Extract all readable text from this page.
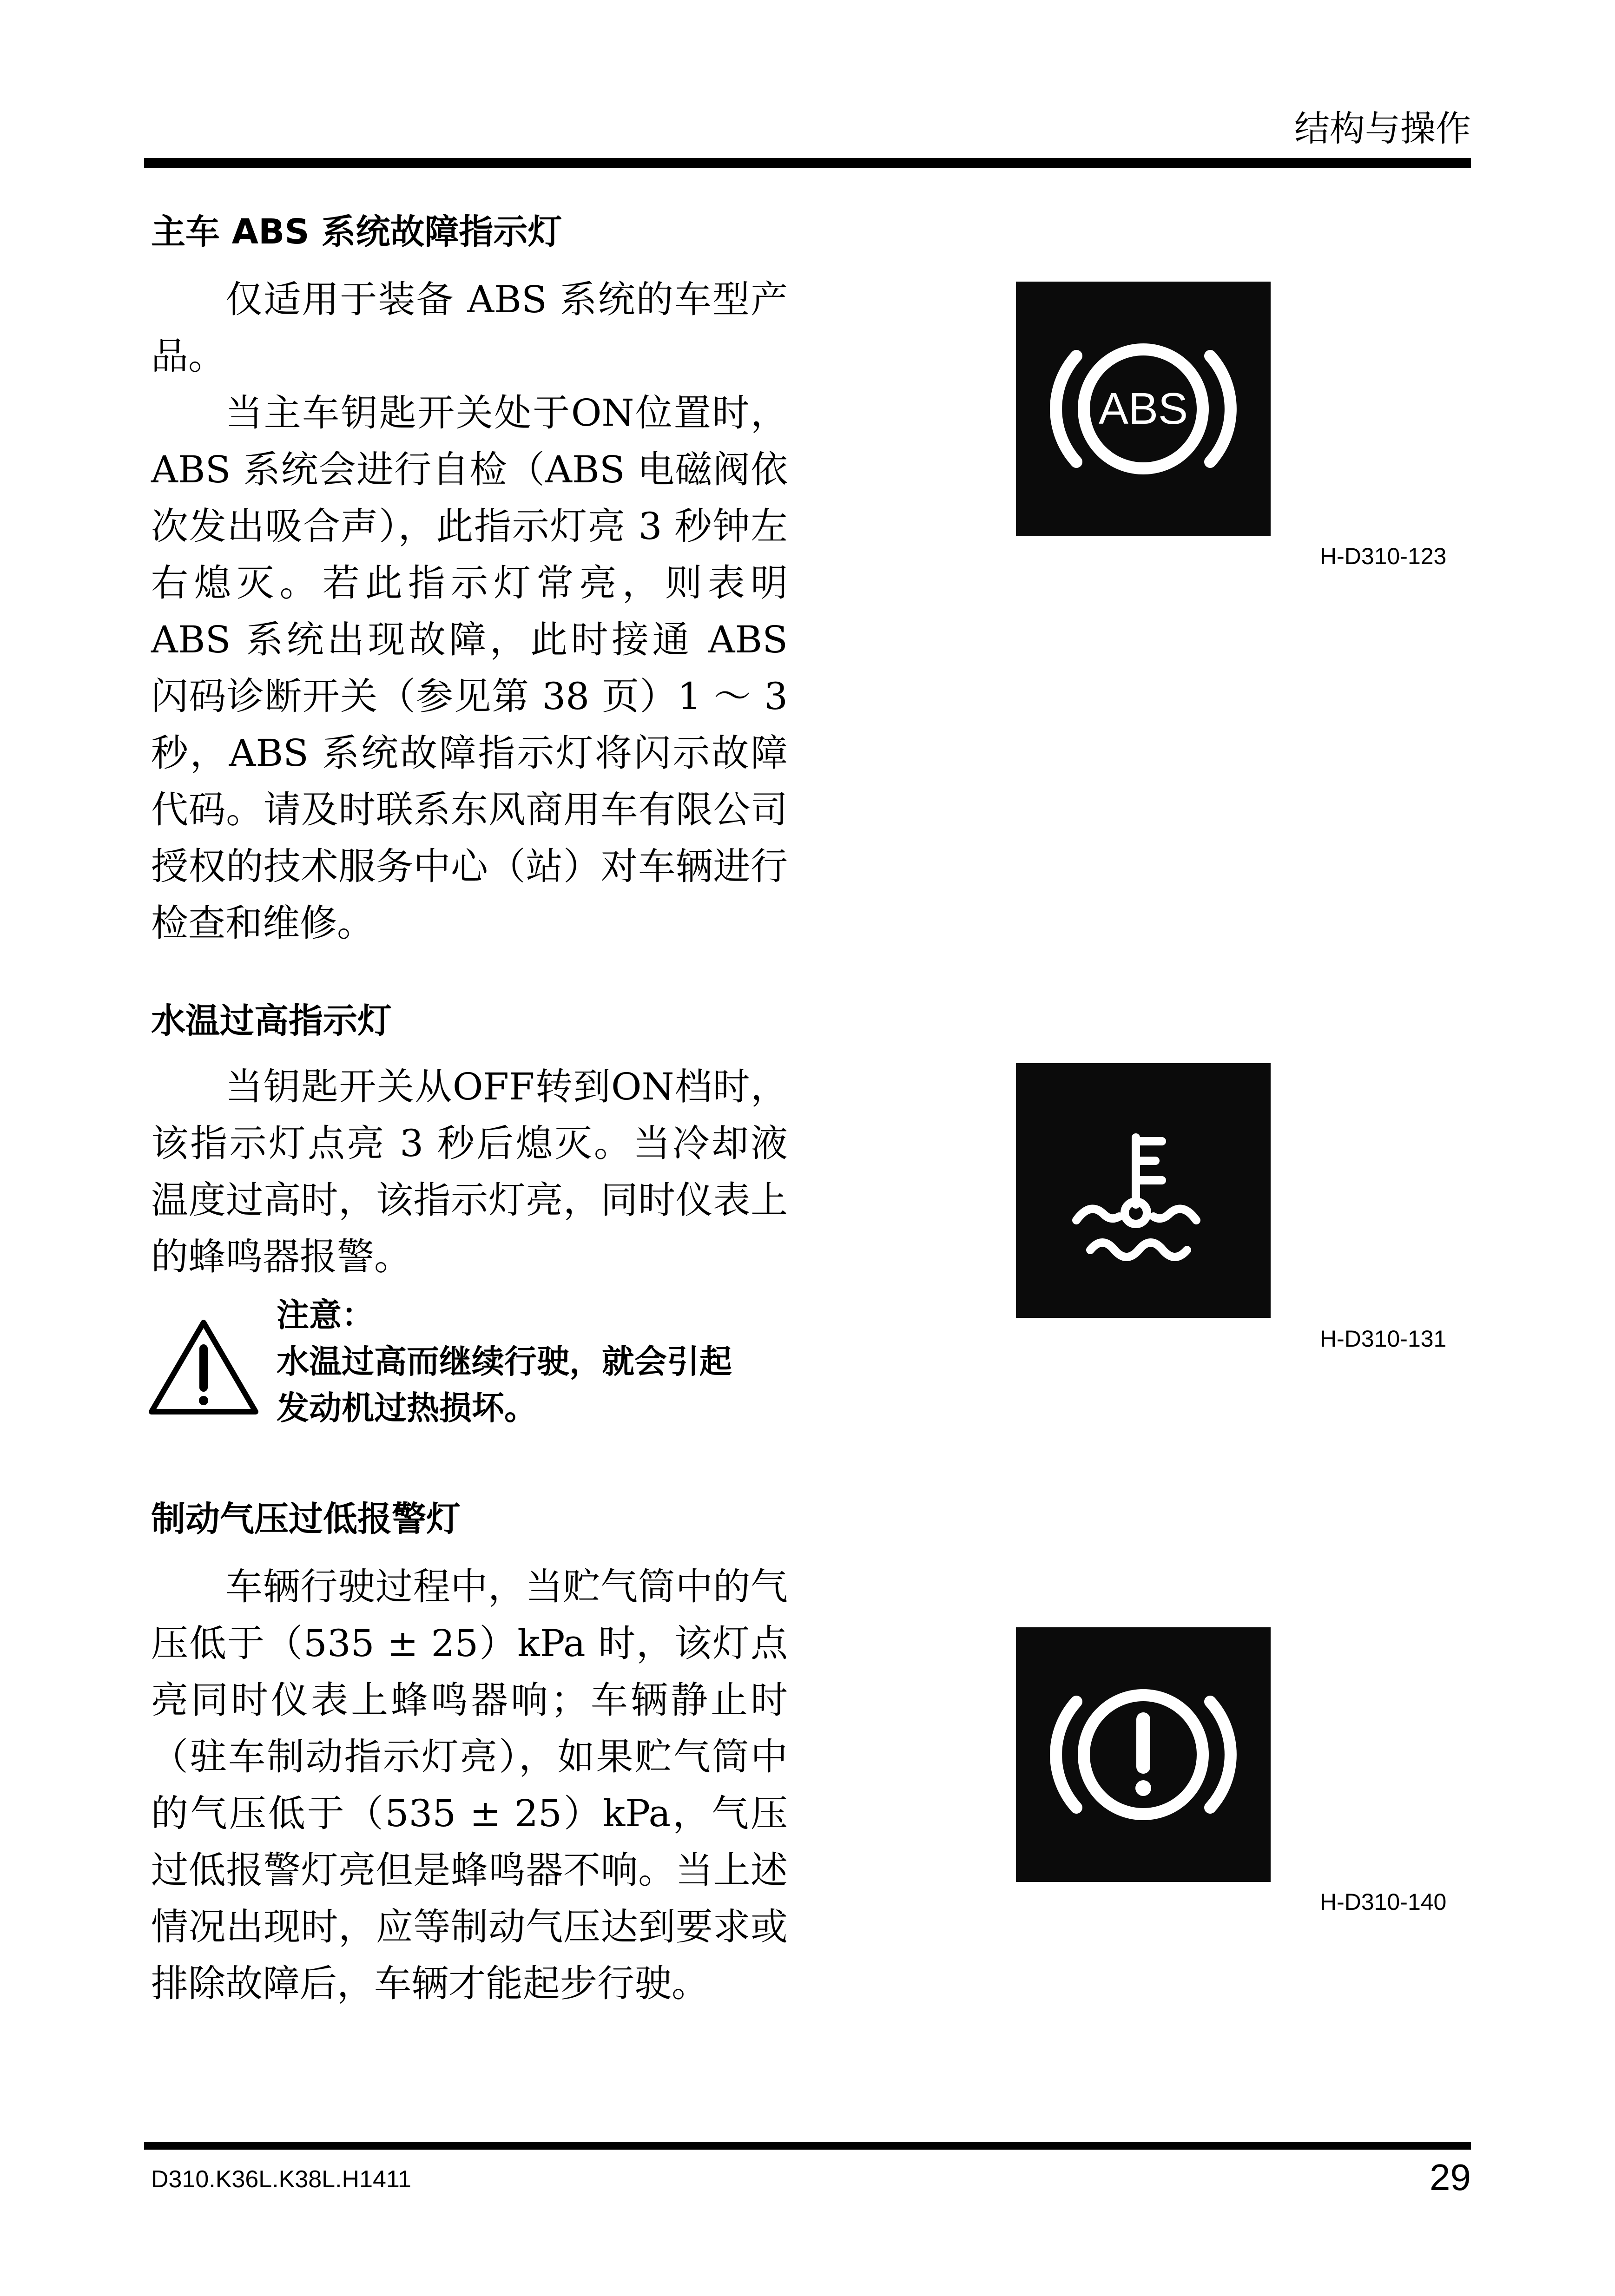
结构与操作
主车 ABS 系统故障指示灯

仅适用于装备 ABS 系统的车型产品。

当主车钥匙开关处于ON位置时，ABS 系统会进行自检（ABS 电磁阀依次发出吸合声），此指示灯亮 3 秒钟左右熄灭。若此指示灯常亮，则表明ABS 系统出现故障，此时接通 ABS 闪码诊断开关（参见第 38 页）1 ～ 3 秒，ABS 系统故障指示灯将闪示故障代码。请及时联系东风商用车有限公司授权的技术服务中心（站）对车辆进行检查和维修。

ABS
H-D310-123
水温过高指示灯

当钥匙开关从OFF转到ON档时，该指示灯点亮 3 秒后熄灭。当冷却液温度过高时，该指示灯亮，同时仪表上的蜂鸣器报警。

H-D310-131
注意：
水温过高而继续行驶，就会引起
发动机过热损坏。
制动气压过低报警灯

车辆行驶过程中，当贮气筒中的气压低于（535 ± 25）kPa 时，该灯点亮同时仪表上蜂鸣器响；车辆静止时（驻车制动指示灯亮），如果贮气筒中的气压低于（535 ± 25）kPa，气压过低报警灯亮但是蜂鸣器不响。当上述情况出现时，应等制动气压达到要求或排除故障后，车辆才能起步行驶。

H-D310-140
D310.K36L.K38L.H1411	29
